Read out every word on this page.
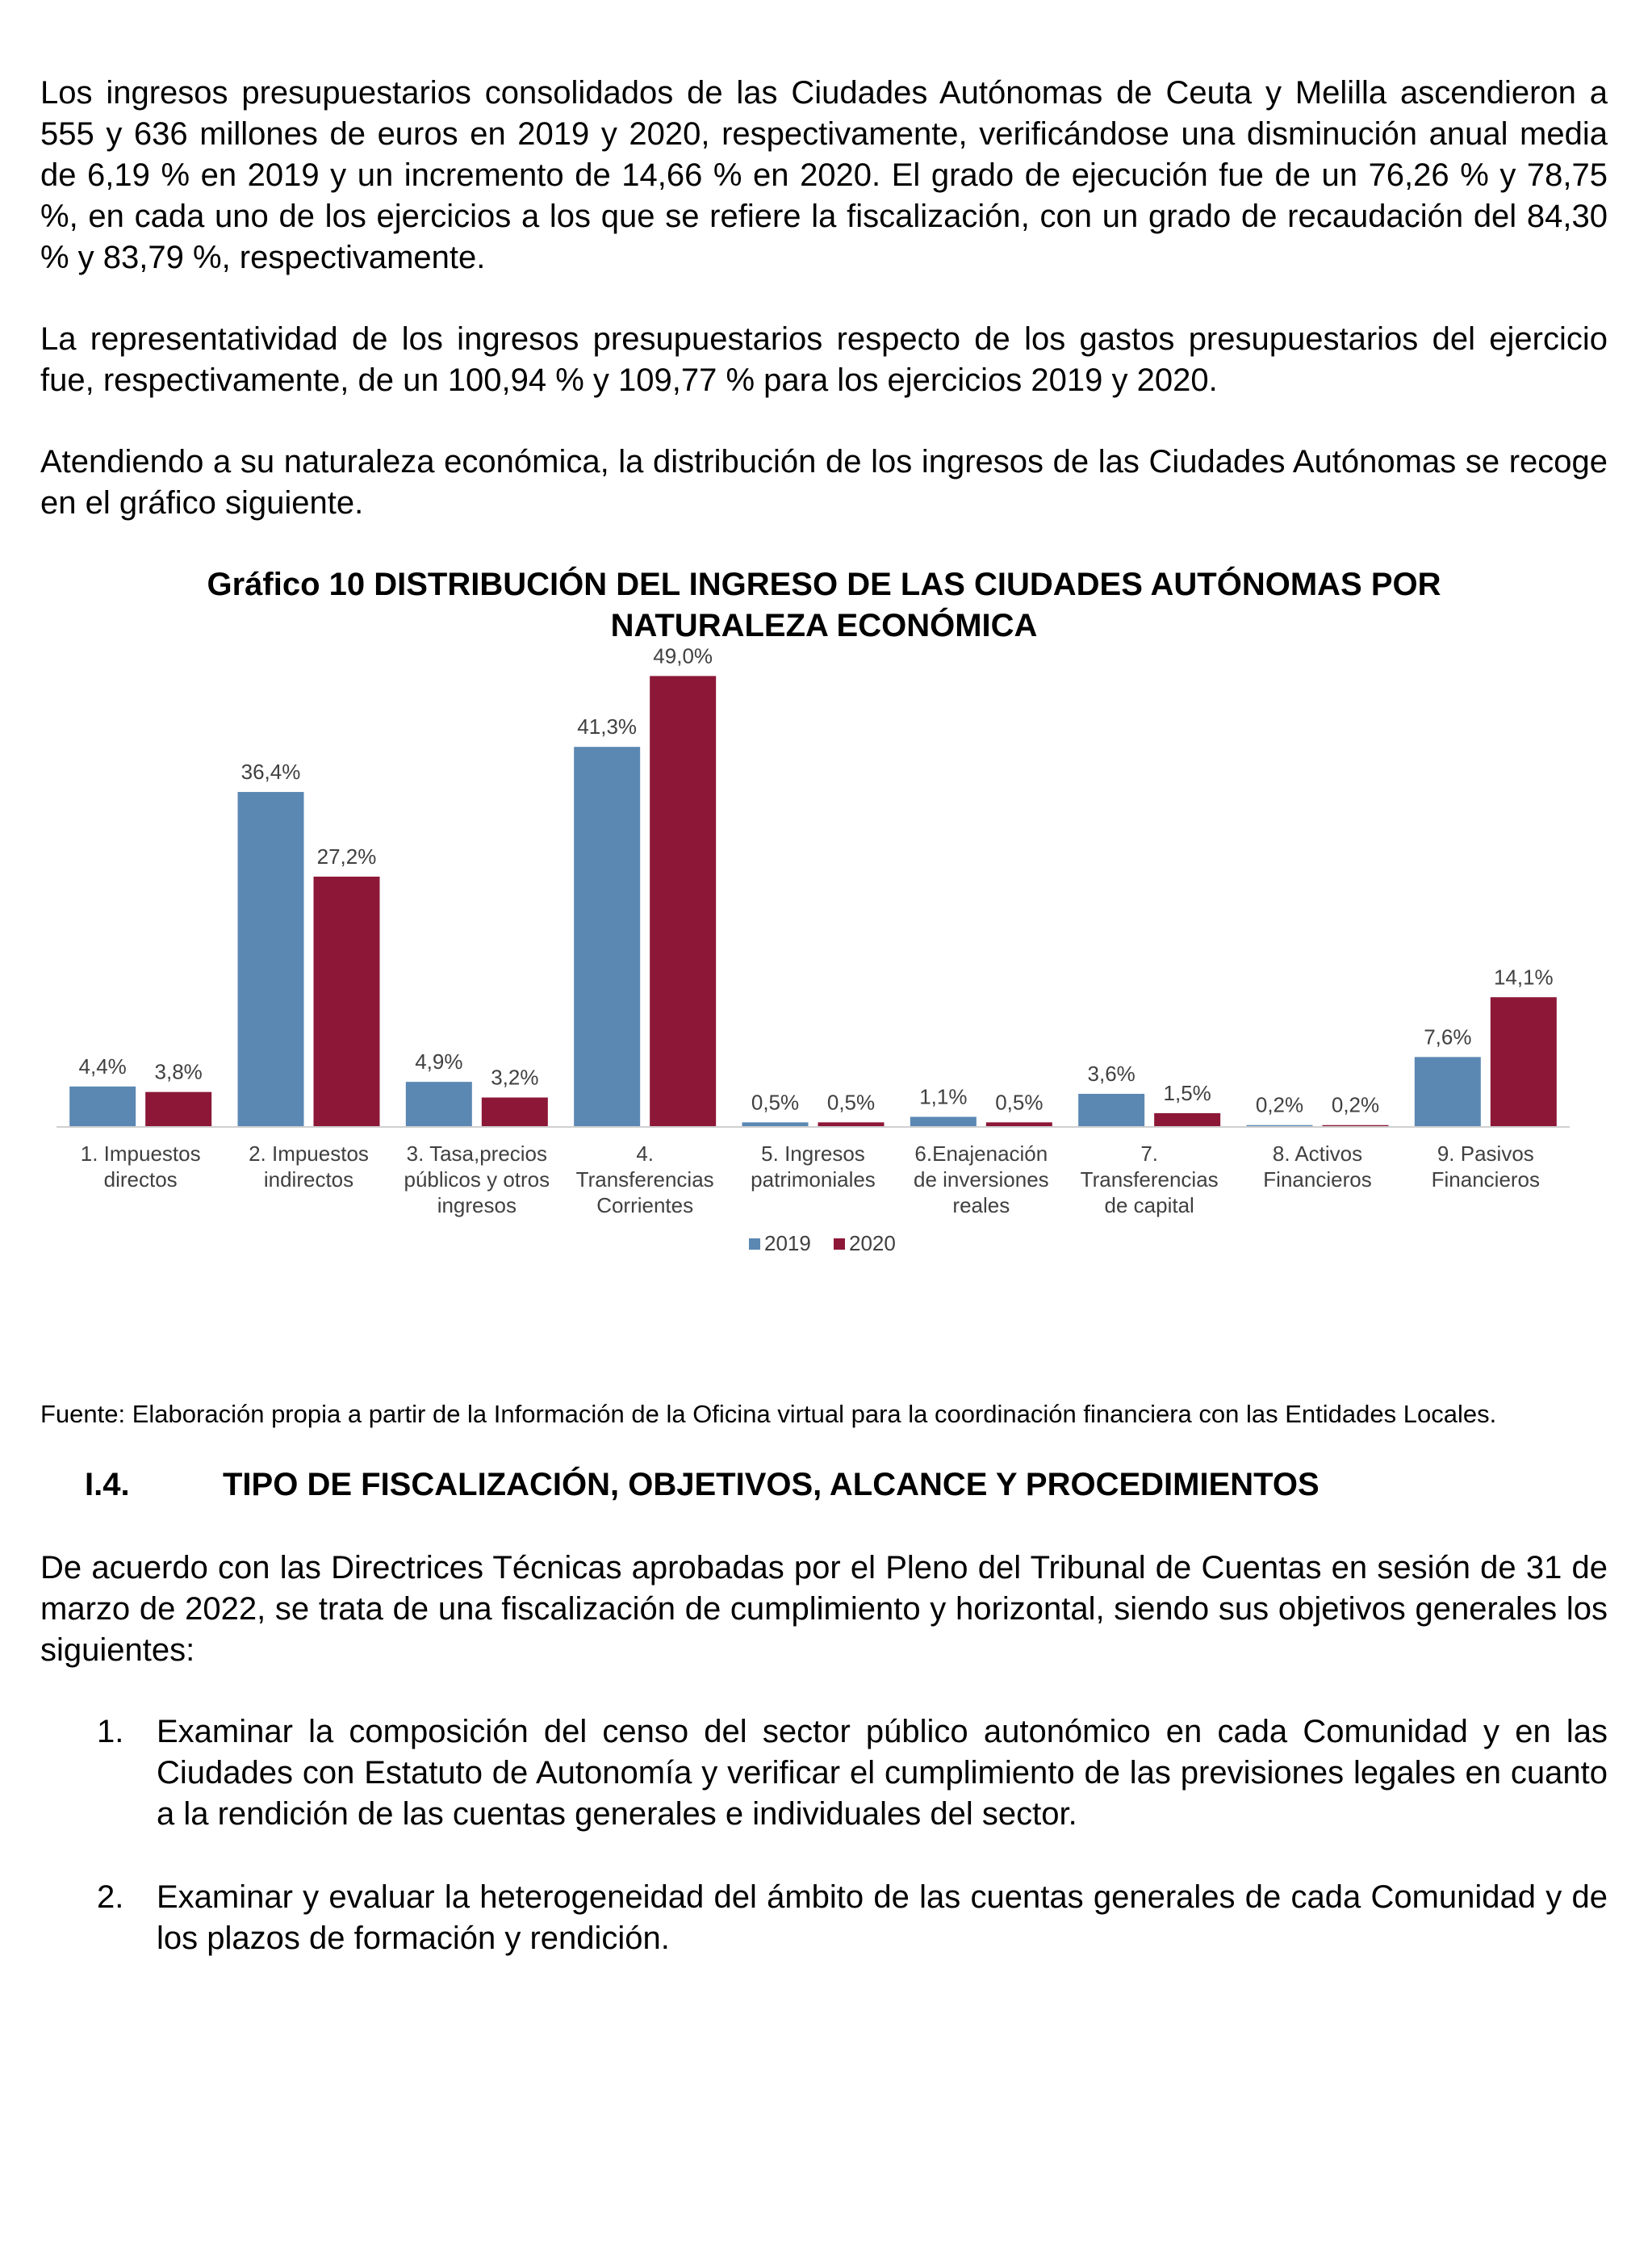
Los ingresos presupuestarios consolidados de las Ciudades Autónomas de Ceuta y Melilla ascendieron a 555 y 636 millones de euros en 2019 y 2020, respectivamente, verificándose una disminución anual media de 6,19 % en 2019 y un incremento de 14,66 % en 2020. El grado de ejecución fue de un 76,26 % y 78,75 %, en cada uno de los ejercicios a los que se refiere la fiscalización, con un grado de recaudación del 84,30 % y 83,79 %, respectivamente.

La representatividad de los ingresos presupuestarios respecto de los gastos presupuestarios del ejercicio fue, respectivamente, de un 100,94 % y 109,77 % para los ejercicios 2019 y 2020.

Atendiendo a su naturaleza económica, la distribución de los ingresos de las Ciudades Autónomas se recoge en el gráfico siguiente.

Gráfico 10 DISTRIBUCIÓN DEL INGRESO DE LAS CIUDADES AUTÓNOMAS POR
NATURALEZA ECONÓMICA
4,4% 3,8%
1. Impuestos
directos
36,4%
27,2%
2. Impuestos
indirectos
4,9%
3,2%
3. Tasa,precios
públicos y otros
ingresos
41,3%
49,0%
4.
Transferencias
Corrientes
0,5% 0,5%
5. Ingresos
patrimoniales
1,1% 0,5%
6.Enajenación
de inversiones
reales
3,6%
1,5%
7.
Transferencias
de capital
0,2% 0,2%
8. Activos
Financieros
7,6%
14,1%
9. Pasivos
Financieros
2019 2020

Fuente: Elaboración propia a partir de la Información de la Oficina virtual para la coordinación financiera con las Entidades Locales.

I.4.	TIPO DE FISCALIZACIÓN, OBJETIVOS, ALCANCE Y PROCEDIMIENTOS

De acuerdo con las Directrices Técnicas aprobadas por el Pleno del Tribunal de Cuentas en sesión de 31 de marzo de 2022, se trata de una fiscalización de cumplimiento y horizontal, siendo sus objetivos generales los siguientes:

1. Examinar la composición del censo del sector público autonómico en cada Comunidad y en las Ciudades con Estatuto de Autonomía y verificar el cumplimiento de las previsiones legales en cuanto a la rendición de las cuentas generales e individuales del sector.
2. Examinar y evaluar la heterogeneidad del ámbito de las cuentas generales de cada Comunidad y de los plazos de formación y rendición.
